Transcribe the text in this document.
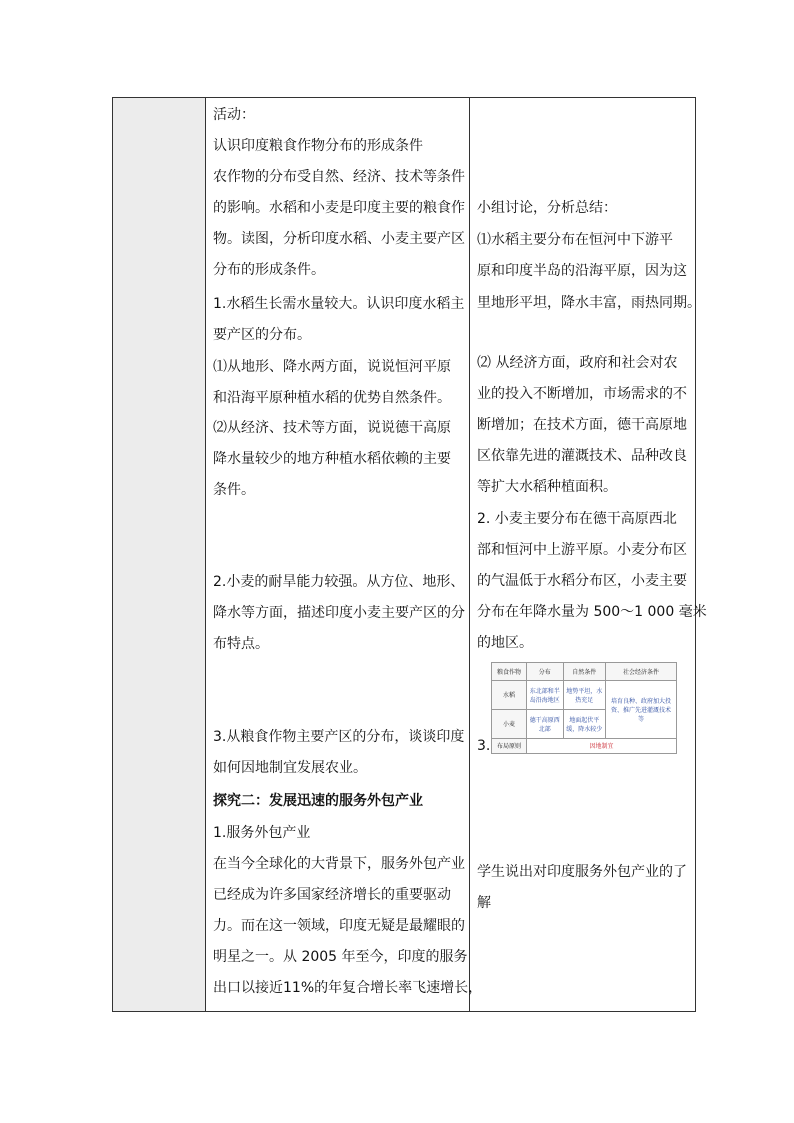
活动：
认识印度粮食作物分布的形成条件
农作物的分布受自然、经济、技术等条件
的影响。水稻和小麦是印度主要的粮食作
物。读图，分析印度水稻、小麦主要产区
分布的形成条件。
1.水稻生长需水量较大。认识印度水稻主
要产区的分布。
⑴从地形、降水两方面，说说恒河平原
和沿海平原种植水稻的优势自然条件。
⑵从经济、技术等方面，说说德干高原
降水量较少的地方种植水稻依赖的主要
条件。
2.小麦的耐旱能力较强。从方位、地形、
降水等方面，描述印度小麦主要产区的分
布特点。
3.从粮食作物主要产区的分布，谈谈印度
如何因地制宜发展农业。
探究二：发展迅速的服务外包产业
1.服务外包产业
在当今全球化的大背景下，服务外包产业
已经成为许多国家经济增长的重要驱动
力。而在这一领域，印度无疑是最耀眼的
明星之一。从 2005 年至今，印度的服务
出口以接近11%的年复合增长率飞速增长，
小组讨论，分析总结：
⑴水稻主要分布在恒河中下游平
原和印度半岛的沿海平原，因为这
里地形平坦，降水丰富，雨热同期。
⑵ 从经济方面，政府和社会对农
业的投入不断增加，市场需求的不
断增加；在技术方面，德干高原地
区依靠先进的灌溉技术、品种改良
等扩大水稻种植面积。
2. 小麦主要分布在德干高原西北
部和恒河中上游平原。小麦分布区
的气温低于水稻分布区，小麦主要
分布在年降水量为 500～1 000 毫米
的地区。
粮食作物	分布	自然条件	社会经济条件
水稻	东北部和半岛沿海地区	地势平坦，水热充足	培育良种、政府加大投资、推广先进灌溉技术等
小麦	德干高原西北部	地面起伏平缓，降水较少	
布局原则	因地制宜		
3.
学生说出对印度服务外包产业的了
解
